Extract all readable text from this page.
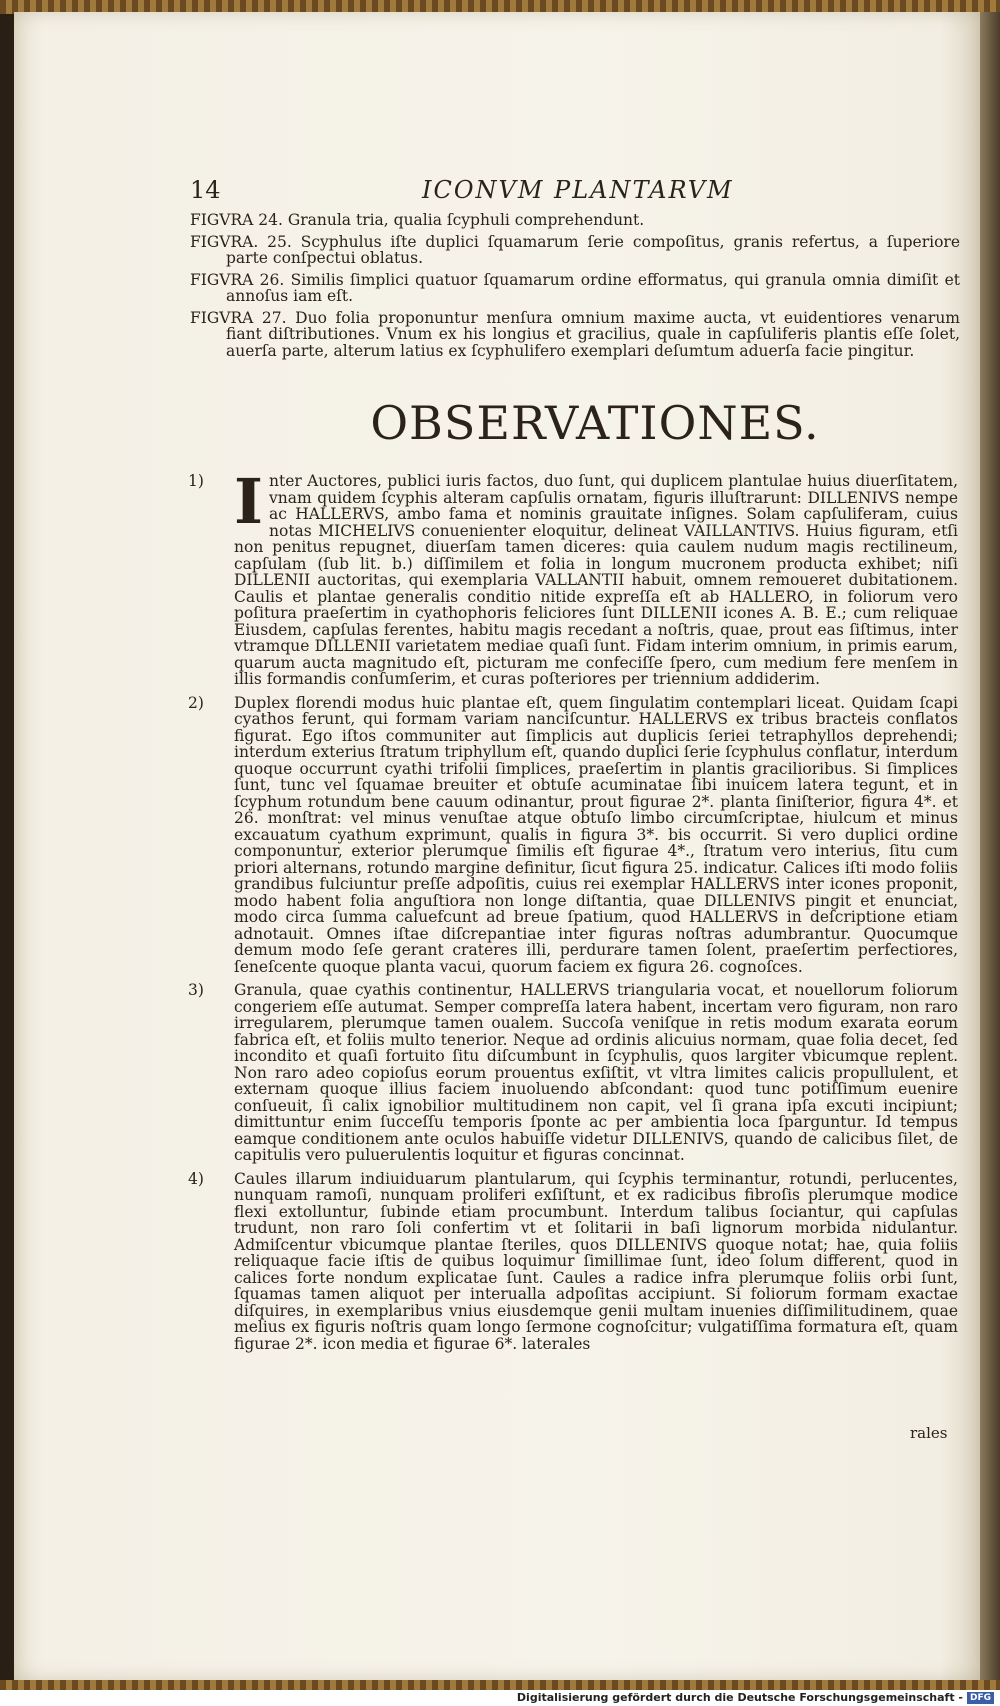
14	ICONVM PLANTARVM
FIGVRA 24. Granula tria, qualia ſcyphuli comprehendunt.
FIGVRA. 25. Scyphulus iſte duplici ſquamarum ſerie compoſitus, granis refertus, a ſuperiore parte conſpectui oblatus.
FIGVRA 26. Similis ſimplici quatuor ſquamarum ordine efformatus, qui granula omnia dimiſit et annoſus iam eſt.
FIGVRA 27. Duo folia proponuntur menſura omnium maxime aucta, vt euidentiores venarum fiant diſtributiones. Vnum ex his longius et gracilius, quale in capſuliferis plantis eſſe ſolet, auerſa parte, alterum latius ex ſcyphulifero exemplari deſumtum aduerſa facie pingitur.
OBSERVATIONES.
1) I nter Auctores, publici iuris factos, duo ſunt, qui duplicem plantulae huius diuerſitatem, vnam quidem ſcyphis alteram capſulis ornatam, figuris illuſtrarunt: DILLENIVS nempe ac HALLERVS, ambo fama et nominis grauitate inſignes. Solam capſuliferam, cuius notas MICHELIVS conuenienter eloquitur, delineat VAILLANTIVS. Huius figuram, etſi non penitus repugnet, diuerſam tamen diceres: quia caulem nudum magis rectilineum, capſulam (ſub lit. b.) diſſimilem et folia in longum mucronem producta exhibet; niſi DILLENII auctoritas, qui exemplaria VALLANTII habuit, omnem remoueret dubitationem. Caulis et plantae generalis conditio nitide expreſſa eſt ab HALLERO, in foliorum vero poſitura praeſertim in cyathophoris feliciores ſunt DILLENII icones A. B. E.; cum reliquae Eiusdem, capſulas ferentes, habitu magis recedant a noſtris, quae, prout eas ſiſtimus, inter vtramque DILLENII varietatem mediae quaſi ſunt. Fidam interim omnium, in primis earum, quarum aucta magnitudo eſt, picturam me confeciſſe ſpero, cum medium fere menſem in illis formandis conſumſerim, et curas poſteriores per triennium addiderim.
2) Duplex florendi modus huic plantae eſt, quem ſingulatim contemplari liceat. Quidam ſcapi cyathos ferunt, qui formam variam nanciſcuntur. HALLERVS ex tribus bracteis conflatos figurat. Ego iſtos communiter aut ſimplicis aut duplicis ſeriei tetraphyllos deprehendi; interdum exterius ſtratum triphyllum eſt, quando duplici ſerie ſcyphulus conflatur, interdum quoque occurrunt cyathi trifolii ſimplices, praeſertim in plantis gracilioribus. Si ſimplices ſunt, tunc vel ſquamae breuiter et obtuſe acuminatae ſibi inuicem latera tegunt, et in ſcyphum rotundum bene cauum odinantur, prout figurae 2*. planta ſiniſterior, figura 4*. et 26. monſtrat: vel minus venuſtae atque obtuſo limbo circumſcriptae, hiulcum et minus excauatum cyathum exprimunt, qualis in figura 3*. bis occurrit. Si vero duplici ordine componuntur, exterior plerumque ſimilis eſt figurae 4*., ſtratum vero interius, ſitu cum priori alternans, rotundo margine definitur, ſicut figura 25. indicatur. Calices iſti modo foliis grandibus fulciuntur preſſe adpoſitis, cuius rei exemplar HALLERVS inter icones proponit, modo habent folia anguſtiora non longe diſtantia, quae DILLENIVS pingit et enunciat, modo circa ſumma caluefcunt ad breue ſpatium, quod HALLERVS in deſcriptione etiam adnotauit. Omnes iſtae diſcrepantiae inter figuras noſtras adumbrantur. Quocumque demum modo ſeſe gerant crateres illi, perdurare tamen ſolent, praeſertim perfectiores, ſeneſcente quoque planta vacui, quorum faciem ex figura 26. cognoſces.
3) Granula, quae cyathis continentur, HALLERVS triangularia vocat, et nouellorum foliorum congeriem eſſe autumat. Semper compreſſa latera habent, incertam vero figuram, non raro irregularem, plerumque tamen oualem. Succoſa veniſque in retis modum exarata eorum fabrica eſt, et foliis multo tenerior. Neque ad ordinis alicuius normam, quae folia decet, ſed incondito et quaſi fortuito ſitu diſcumbunt in ſcyphulis, quos largiter vbicumque replent. Non raro adeo copioſus eorum prouentus exſiſtit, vt vltra limites calicis propullulent, et externam quoque illius faciem inuoluendo abſcondant: quod tunc potiſſimum euenire conſueuit, ſi calix ignobilior multitudinem non capit, vel ſi grana ipſa excuti incipiunt; dimittuntur enim ſucceſſu temporis ſponte ac per ambientia loca ſparguntur. Id tempus eamque conditionem ante oculos habuiſſe videtur DILLENIVS, quando de calicibus ſilet, de capitulis vero puluerulentis loquitur et figuras concinnat.
4) Caules illarum indiuiduarum plantularum, qui ſcyphis terminantur, rotundi, perlucentes, nunquam ramoſi, nunquam proliferi exſiſtunt, et ex radicibus fibroſis plerumque modice flexi extolluntur, ſubinde etiam procumbunt. Interdum talibus ſociantur, qui capſulas trudunt, non raro ſoli confertim vt et ſolitarii in baſi lignorum morbida nidulantur. Admiſcentur vbicumque plantae ſteriles, quos DILLENIVS quoque notat; hae, quia foliis reliquaque facie iſtis de quibus loquimur ſimillimae ſunt, ideo ſolum different, quod in calices forte nondum explicatae ſunt. Caules a radice infra plerumque foliis orbi ſunt, ſquamas tamen aliquot per interualla adpoſitas accipiunt. Si foliorum formam exactae diſquires, in exemplaribus vnius eiusdemque genii multam inuenies diſſimilitudinem, quae melius ex figuris noſtris quam longo ſermone cognoſcitur; vulgatiſſima formatura eſt, quam figurae 2*. icon media et figurae 6*. laterales
rales
Digitalisierung gefördert durch die Deutsche Forschungsgemeinschaft - DFG
